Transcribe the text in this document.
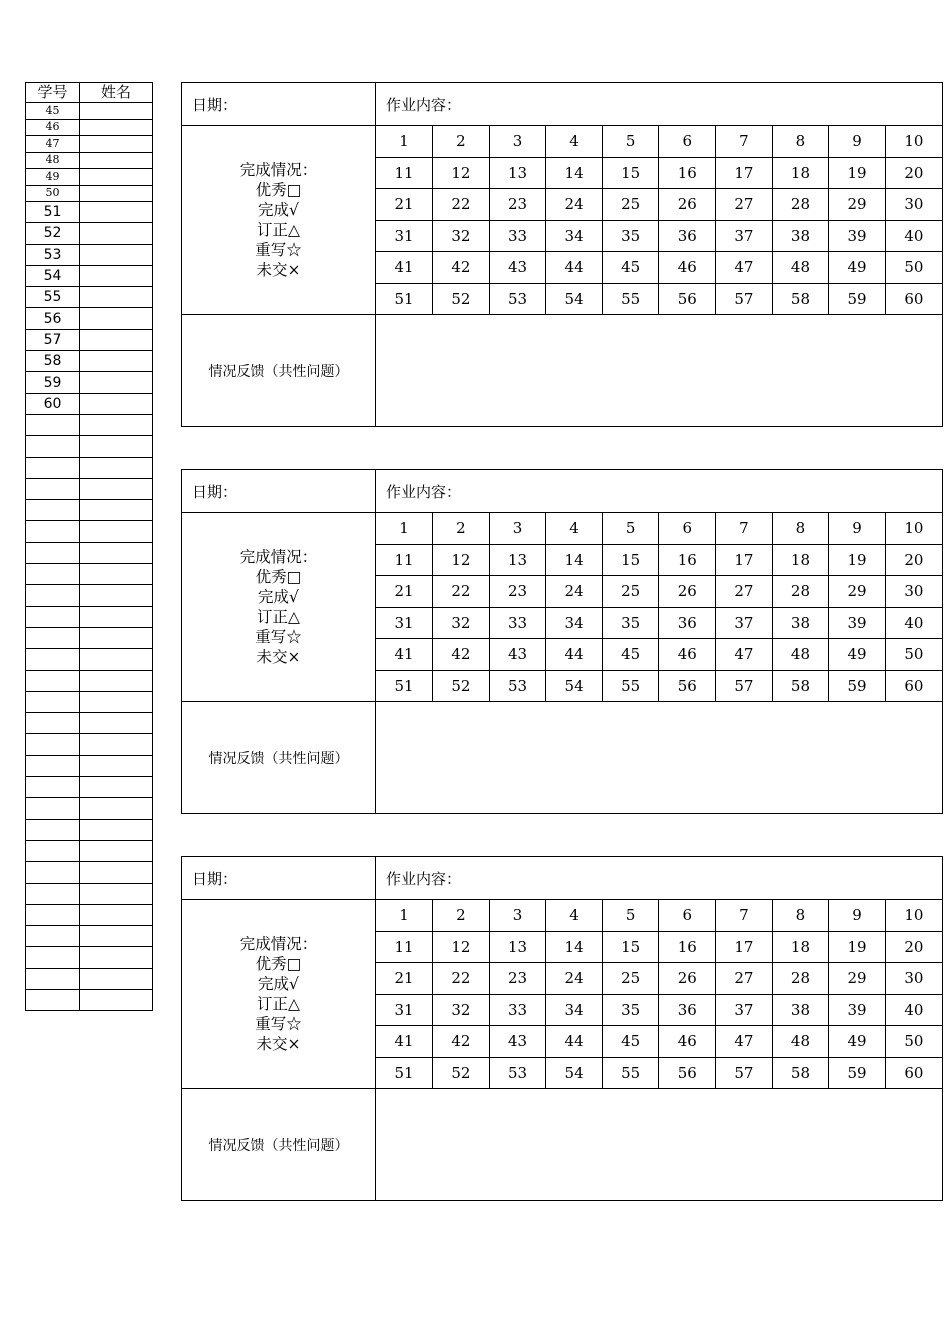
学号	姓名
45	
46	
47	
48	
49	
50	
51	
52	
53	
54	
55	
56	
57	
58	
59	
60	

日期：	作业内容：

完成情况：
优秀□
完成√
订正△
重写☆
未交×

1	2	3	4	5	6	7	8	9	10
11	12	13	14	15	16	17	18	19	20
21	22	23	24	25	26	27	28	29	30
31	32	33	34	35	36	37	38	39	40
41	42	43	44	45	46	47	48	49	50
51	52	53	54	55	56	57	58	59	60

情况反馈（共性问题）	
日期：	作业内容：

完成情况：
优秀□
完成√
订正△
重写☆
未交×

1	2	3	4	5	6	7	8	9	10
11	12	13	14	15	16	17	18	19	20
21	22	23	24	25	26	27	28	29	30
31	32	33	34	35	36	37	38	39	40
41	42	43	44	45	46	47	48	49	50
51	52	53	54	55	56	57	58	59	60

情况反馈（共性问题）	
日期：	作业内容：

完成情况：
优秀□
完成√
订正△
重写☆
未交×

1	2	3	4	5	6	7	8	9	10
11	12	13	14	15	16	17	18	19	20
21	22	23	24	25	26	27	28	29	30
31	32	33	34	35	36	37	38	39	40
41	42	43	44	45	46	47	48	49	50
51	52	53	54	55	56	57	58	59	60

情况反馈（共性问题）	
